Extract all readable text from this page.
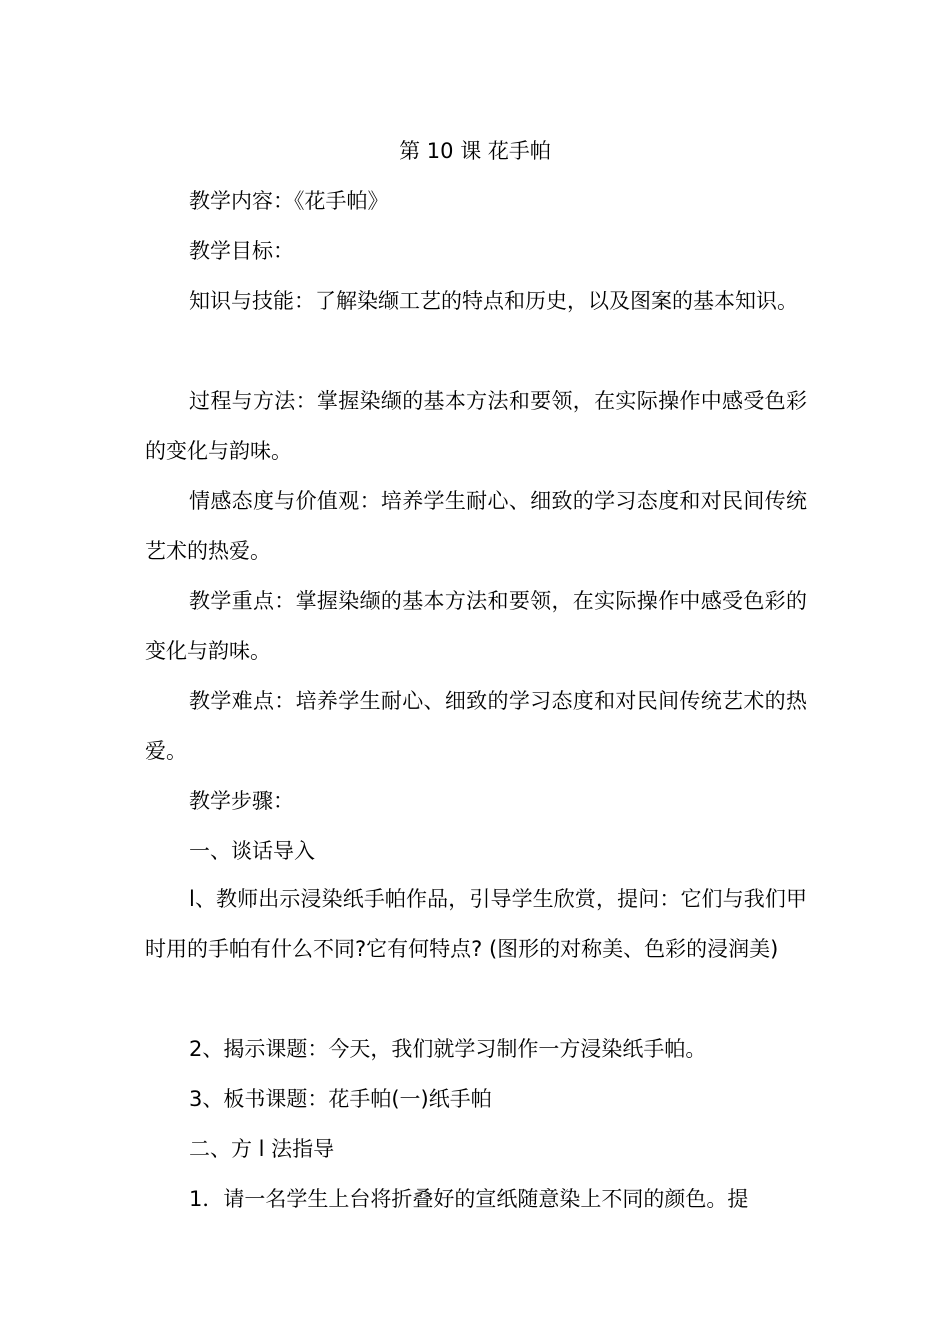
第 10 课 花手帕

教学内容：《花手帕》

教学目标：

知识与技能：了解染缬工艺的特点和历史，以及图案的基本知识。

过程与方法：掌握染缬的基本方法和要领，在实际操作中感受色彩的变化与韵味。

情感态度与价值观：培养学生耐心、细致的学习态度和对民间传统艺术的热爱。

教学重点：掌握染缬的基本方法和要领，在实际操作中感受色彩的变化与韵味。

教学难点：培养学生耐心、细致的学习态度和对民间传统艺术的热爱。

教学步骤：

一、谈话导入

l、教师出示浸染纸手帕作品，引导学生欣赏，提问：它们与我们甲时用的手帕有什么不同?它有何特点? (图形的对称美、色彩的浸润美)

2、揭示课题：今天，我们就学习制作一方浸染纸手帕。

3、板书课题：花手帕(一)纸手帕

二、方 l 法指导

1．请一名学生上台将折叠好的宣纸随意染上不同的颜色。提
